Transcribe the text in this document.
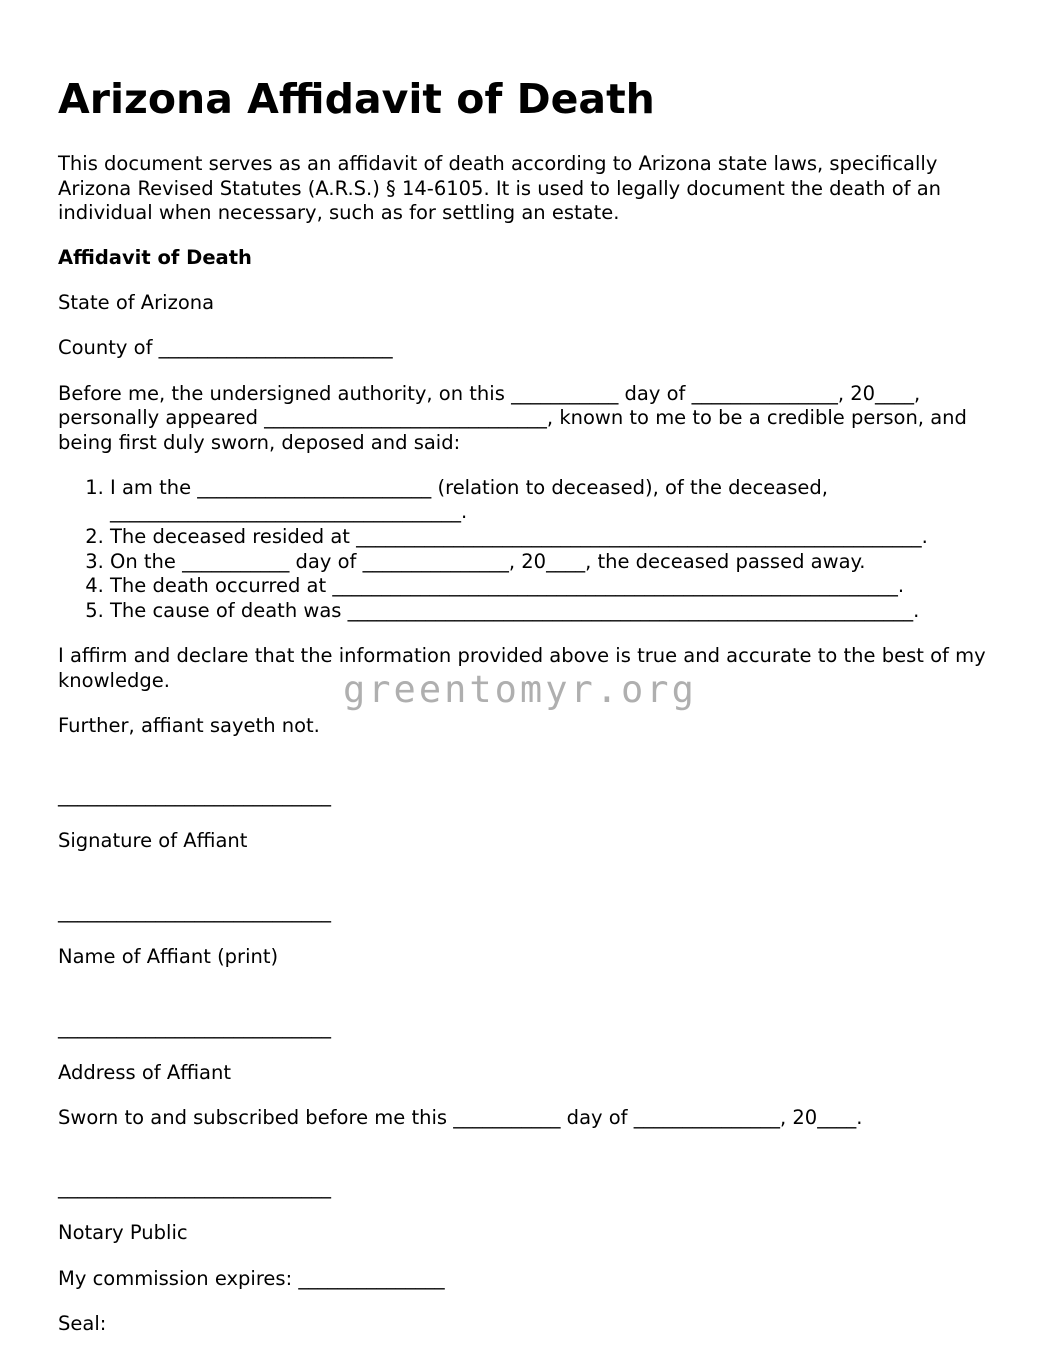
Arizona Affidavit of Death

This document serves as an affidavit of death according to Arizona state laws, specifically Arizona Revised Statutes (A.R.S.) § 14-6105. It is used to legally document the death of an individual when necessary, such as for settling an estate.

Affidavit of Death

State of Arizona

County of ________________________

Before me, the undersigned authority, on this ___________ day of _______________, 20____, personally appeared _____________________________, known to me to be a credible person, and being first duly sworn, deposed and said:

1. I am the ________________________ (relation to deceased), of the deceased, ____________________________________.
2. The deceased resided at __________________________________________________________.
3. On the ___________ day of _______________, 20____, the deceased passed away.
4. The death occurred at __________________________________________________________.
5. The cause of death was __________________________________________________________.

I affirm and declare that the information provided above is true and accurate to the best of my knowledge.

Further, affiant sayeth not.

____________________________

Signature of Affiant

____________________________

Name of Affiant (print)

____________________________

Address of Affiant

Sworn to and subscribed before me this ___________ day of _______________, 20____.

____________________________

Notary Public

My commission expires: _______________

Seal:

greentomyr.org
